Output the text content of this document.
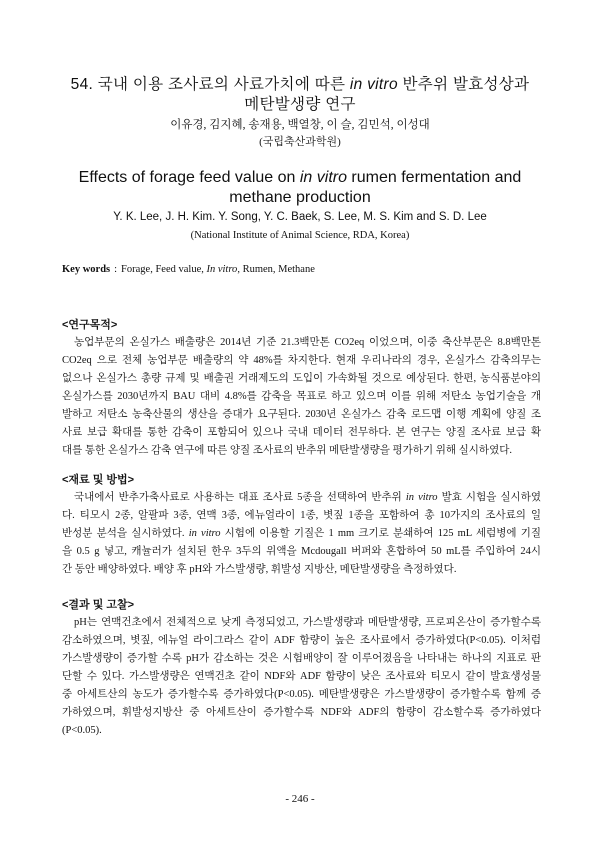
54. 국내 이용 조사료의 사료가치에 따른 in vitro 반추위 발효성상과
메탄발생량 연구
이유경, 김지혜, 송재용, 백열창, 이 슬, 김민석, 이성대
(국립축산과학원)
Effects of forage feed value on in vitro rumen fermentation and
methane production
Y. K. Lee, J. H. Kim. Y. Song, Y. C. Baek, S. Lee, M. S. Kim and S. D. Lee
(National Institute of Animal Science, RDA, Korea)
Key words : Forage, Feed value, In vitro, Rumen, Methane
<연구목적>
농업부문의 온실가스 배출량은 2014년 기준 21.3백만톤 CO2eq 이었으며, 이중 축산부문은 8.8백만톤
CO2eq 으로 전체 농업부문 배출량의 약 48%를 차지한다. 현재 우리나라의 경우, 온실가스 감축의무는
없으나 온실가스 총량 규제 및 배출권 거래제도의 도입이 가속화될 것으로 예상된다. 한편, 농식품분야의
온실가스를 2030년까지 BAU 대비 4.8%를 감축을 목표로 하고 있으며 이를 위해 저탄소 농업기술을 개
발하고 저탄소 농축산물의 생산을 증대가 요구된다. 2030년 온실가스 감축 로드맵 이행 계획에 양질 조
사료 보급 확대를 통한 감축이 포함되어 있으나 국내 데이터 전무하다. 본 연구는 양질 조사료 보급 확
대를 통한 온실가스 감축 연구에 따른 양질 조사료의 반추위 메탄발생량을 평가하기 위해 실시하였다.
<재료 및 방법>
국내에서 반추가축사료로 사용하는 대표 조사료 5종을 선택하여 반추위 in vitro 발효 시험을 실시하였
다. 티모시 2종, 알팔파 3종, 연맥 3종, 에뉴얼라이 1종, 볏짚 1종을 포함하여 총 10가지의 조사료의 일
반성분 분석을 실시하였다. in vitro 시험에 이용할 기질은 1 mm 크기로 분쇄하여 125 mL 세럼병에 기질
을 0.5 g 넣고, 캐뉼러가 설치된 한우 3두의 위액을 Mcdougall 버퍼와 혼합하여 50 mL를 주입하여 24시
간 동안 배양하였다. 배양 후 pH와 가스발생량, 휘발성 지방산, 메탄발생량을 측정하였다.
<결과 및 고찰>
pH는 연맥건초에서 전체적으로 낮게 측정되었고, 가스발생량과 메탄발생량, 프로피온산이 증가할수록
감소하였으며, 볏짚, 에뉴얼 라이그라스 같이 ADF 함량이 높은 조사료에서 증가하였다(P<0.05). 이처럼
가스발생량이 증가할 수록 pH가 감소하는 것은 시험배양이 잘 이루어졌음을 나타내는 하나의 지표로 판
단할 수 있다. 가스발생량은 연맥건초 같이 NDF와 ADF 함량이 낮은 조사료와 티모시 같이 발효생성물
중 아세트산의 농도가 증가할수록 증가하였다(P<0.05). 메탄발생량은 가스발생량이 증가할수록 함께 증
가하였으며, 휘발성지방산 중 아세트산이 증가할수록 NDF와 ADF의 함량이 감소할수록 증가하였다
(P<0.05).
- 246 -
